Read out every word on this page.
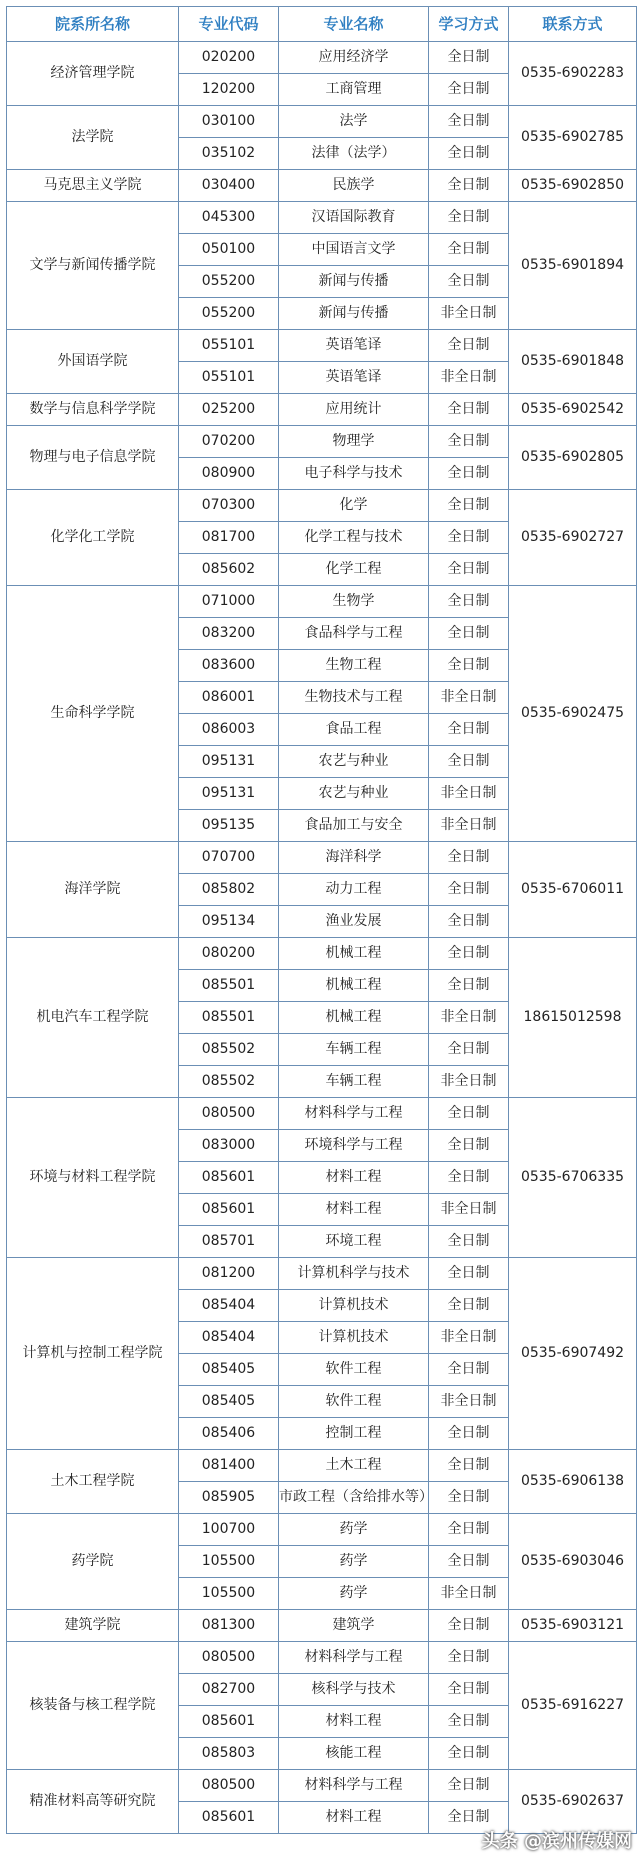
院系所名称	专业代码	专业名称	学习方式	联系方式
经济管理学院	020200	应用经济学	全日制	0535-6902283
	120200	工商管理	全日制	
法学院	030100	法学	全日制	0535-6902785
	035102	法律（法学）	全日制	
马克思主义学院	030400	民族学	全日制	0535-6902850
文学与新闻传播学院	045300	汉语国际教育	全日制	0535-6901894
	050100	中国语言文学	全日制	
	055200	新闻与传播	全日制	
	055200	新闻与传播	非全日制	
外国语学院	055101	英语笔译	全日制	0535-6901848
	055101	英语笔译	非全日制	
数学与信息科学学院	025200	应用统计	全日制	0535-6902542
物理与电子信息学院	070200	物理学	全日制	0535-6902805
	080900	电子科学与技术	全日制	
化学化工学院	070300	化学	全日制	0535-6902727
	081700	化学工程与技术	全日制	
	085602	化学工程	全日制	
生命科学学院	071000	生物学	全日制	0535-6902475
	083200	食品科学与工程	全日制	
	083600	生物工程	全日制	
	086001	生物技术与工程	非全日制	
	086003	食品工程	全日制	
	095131	农艺与种业	全日制	
	095131	农艺与种业	非全日制	
	095135	食品加工与安全	非全日制	
海洋学院	070700	海洋科学	全日制	0535-6706011
	085802	动力工程	全日制	
	095134	渔业发展	全日制	
机电汽车工程学院	080200	机械工程	全日制	18615012598
	085501	机械工程	全日制	
	085501	机械工程	非全日制	
	085502	车辆工程	全日制	
	085502	车辆工程	非全日制	
环境与材料工程学院	080500	材料科学与工程	全日制	0535-6706335
	083000	环境科学与工程	全日制	
	085601	材料工程	全日制	
	085601	材料工程	非全日制	
	085701	环境工程	全日制	
计算机与控制工程学院	081200	计算机科学与技术	全日制	0535-6907492
	085404	计算机技术	全日制	
	085404	计算机技术	非全日制	
	085405	软件工程	全日制	
	085405	软件工程	非全日制	
	085406	控制工程	全日制	
土木工程学院	081400	土木工程	全日制	0535-6906138
	085905	市政工程（含给排水等）	全日制	
药学院	100700	药学	全日制	0535-6903046
	105500	药学	全日制	
	105500	药学	非全日制	
建筑学院	081300	建筑学	全日制	0535-6903121
核装备与核工程学院	080500	材料科学与工程	全日制	0535-6916227
	082700	核科学与技术	全日制	
	085601	材料工程	全日制	
	085803	核能工程	全日制	
精准材料高等研究院	080500	材料科学与工程	全日制	0535-6902637
	085601	材料工程	全日制	
头条 @滨州传媒网
